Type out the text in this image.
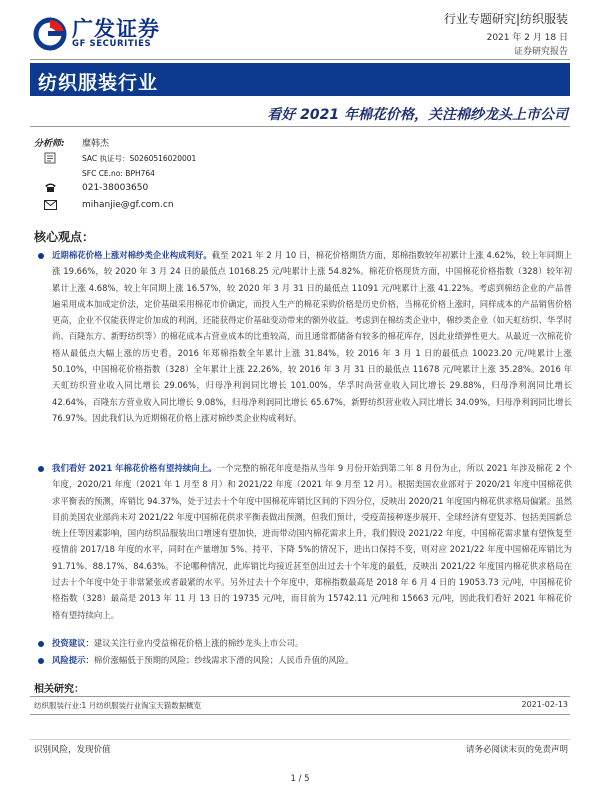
广发证券
GF SECURITIES
行业专题研究|纺织服装
2021 年 2 月 18 日
证券研究报告
纺织服装行业
看好 2021 年棉花价格，关注棉纱龙头上市公司
分析师: 糜韩杰
SAC 执证号：S0260516020001
SFC CE.no: BPH764
021-38003650
mihanjie@gf.com.cn
核心观点：
近期棉花价格上涨对棉纱类企业构成利好。截至 2021 年 2 月 10 日，棉花价格期货方面，郑棉指数较年初累计上涨 4.62%，较上年同期上涨 19.66%，较 2020 年 3 月 24 日的最低点 10168.25 元/吨累计上涨 54.82%。棉花价格现货方面，中国棉花价格指数（328）较年初累计上涨 4.68%，较上年同期上涨 16.57%，较 2020 年 3 月 31 日的最低点 11091 元/吨累计上涨 41.22%。考虑到棉纺企业的产品普遍采用成本加成定价法，定价基础采用棉花市价确定，而投入生产的棉花采购价格是历史价格，当棉花价格上涨时，同样成本的产品销售价格更高，企业不仅能获得定价加成的利润，还能获得定价基础变动带来的额外收益。考虑到在棉纺类企业中，棉纱类企业（如天虹纺织、华孚时尚、百隆东方、新野纺织等）的棉花成本占营业成本的比重较高，而且通常都储备有较多的棉花库存，因此业绩弹性更大。从最近一次棉花价格从最低点大幅上涨的历史看，2016 年郑棉指数全年累计上涨 31.84%，较 2016 年 3 月 1 日的最低点 10023.20 元/吨累计上涨 50.10%，中国棉花价格指数（328）全年累计上涨 22.26%，较 2016 年 3 月 31 日的最低点 11678 元/吨累计上涨 35.28%。2016 年天虹纺织营业收入同比增长 29.06%，归母净利润同比增长 101.00%，华孚时尚营业收入同比增长 29.88%，归母净利润同比增长 42.64%，百隆东方营业收入同比增长 9.08%，归母净利润同比增长 65.67%，新野纺织营业收入同比增长 34.09%，归母净利润同比增长 76.97%。因此我们认为近期棉花价格上涨对棉纱类企业构成利好。
我们看好 2021 年棉花价格有望持续向上。一个完整的棉花年度是指从当年 9 月份开始到第二年 8 月份为止，所以 2021 年涉及棉花 2 个年度，2020/21 年度（2021 年 1 月至 8 月）和 2021/22 年度（2021 年 9 月至 12 月）。根据美国农业部对于 2020/21 年度中国棉花供求平衡表的预测，库销比 94.37%，处于过去十个年度中国棉花库销比区间的下四分位，反映出 2020/21 年度国内棉花供求格局偏紧。虽然目前美国农业部尚未对 2021/22 年度中国棉花供求平衡表做出预测，但我们预计，受疫苗接种逐步展开、全球经济有望复苏、包括美国新总统上任等因素影响，国内纺织品服装出口增速有望加快，进而带动国内棉花需求上升，我们假设 2021/22 年度，中国棉花需求量有望恢复至疫情前 2017/18 年度的水平，同时在产量增加 5%、持平、下降 5%的情况下，进出口保持不变，则对应 2021/22 年度中国棉花库销比为 91.71%、88.17%、84.63%。不论哪种情况，此库销比均接近甚至创出过去十个年度的最低，反映出 2021/22 年度国内棉花供求格局在过去十个年度中处于非常紧张或者最紧的水平。另外过去十个年度中，郑棉指数最高是 2018 年 6 月 4 日的 19053.73 元/吨，中国棉花价格指数（328）最高是 2013 年 11 月 13 日的 19735 元/吨，而目前为 15742.11 元/吨和 15663 元/吨，因此我们看好 2021 年棉花价格有望持续向上。
投资建议：建议关注行业内受益棉花价格上涨的棉纱龙头上市公司。
风险提示：棉价涨幅低于预期的风险；纱线需求下滑的风险；人民币升值的风险。
相关研究：
纺织服装行业:1 月纺织服装行业淘宝天猫数据概览	2021-02-13
识别风险，发现价值	请务必阅读末页的免责声明
1 / 5
